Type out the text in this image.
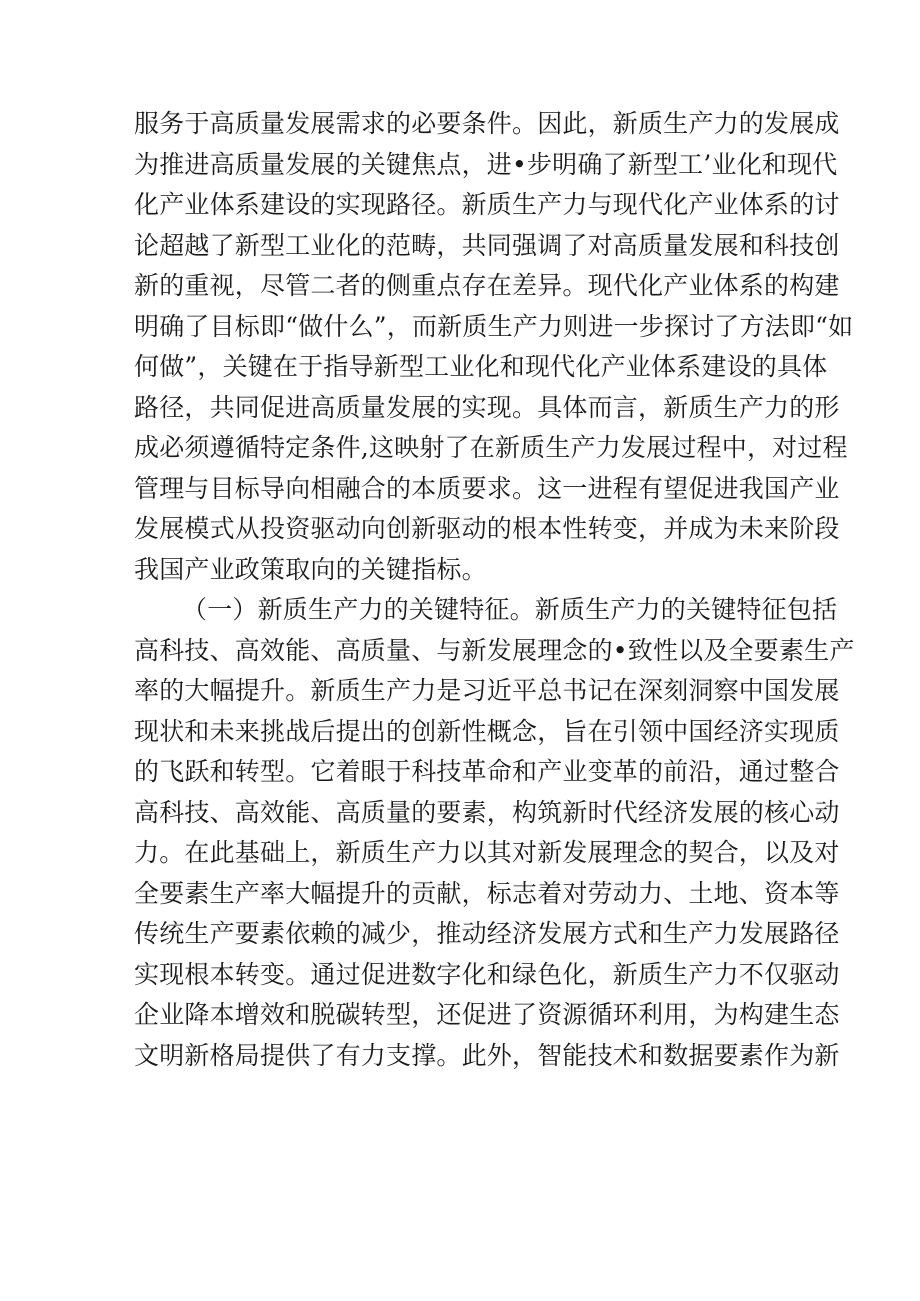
服务于高质量发展需求的必要条件。因此，新质生产力的发展成
为推进高质量发展的关键焦点，进•步明确了新型工’业化和现代
化产业体系建设的实现路径。新质生产力与现代化产业体系的讨
论超越了新型工业化的范畴，共同强调了对高质量发展和科技创
新的重视，尽管二者的侧重点存在差异。现代化产业体系的构建
明确了目标即“做什么”，而新质生产力则进一步探讨了方法即“如
何做”，关键在于指导新型工业化和现代化产业体系建设的具体
路径，共同促进高质量发展的实现。具体而言，新质生产力的形
成必须遵循特定条件,这映射了在新质生产力发展过程中，对过程
管理与目标导向相融合的本质要求。这一进程有望促进我国产业
发展模式从投资驱动向创新驱动的根本性转变，并成为未来阶段
我国产业政策取向的关键指标。
（一）新质生产力的关键特征。新质生产力的关键特征包括
高科技、高效能、高质量、与新发展理念的•致性以及全要素生产
率的大幅提升。新质生产力是习近平总书记在深刻洞察中国发展
现状和未来挑战后提出的创新性概念，旨在引领中国经济实现质
的飞跃和转型。它着眼于科技革命和产业变革的前沿，通过整合
高科技、高效能、高质量的要素，构筑新时代经济发展的核心动
力。在此基础上，新质生产力以其对新发展理念的契合，以及对
全要素生产率大幅提升的贡献，标志着对劳动力、土地、资本等
传统生产要素依赖的减少，推动经济发展方式和生产力发展路径
实现根本转变。通过促进数字化和绿色化，新质生产力不仅驱动
企业降本增效和脱碳转型，还促进了资源循环利用，为构建生态
文明新格局提供了有力支撑。此外，智能技术和数据要素作为新
